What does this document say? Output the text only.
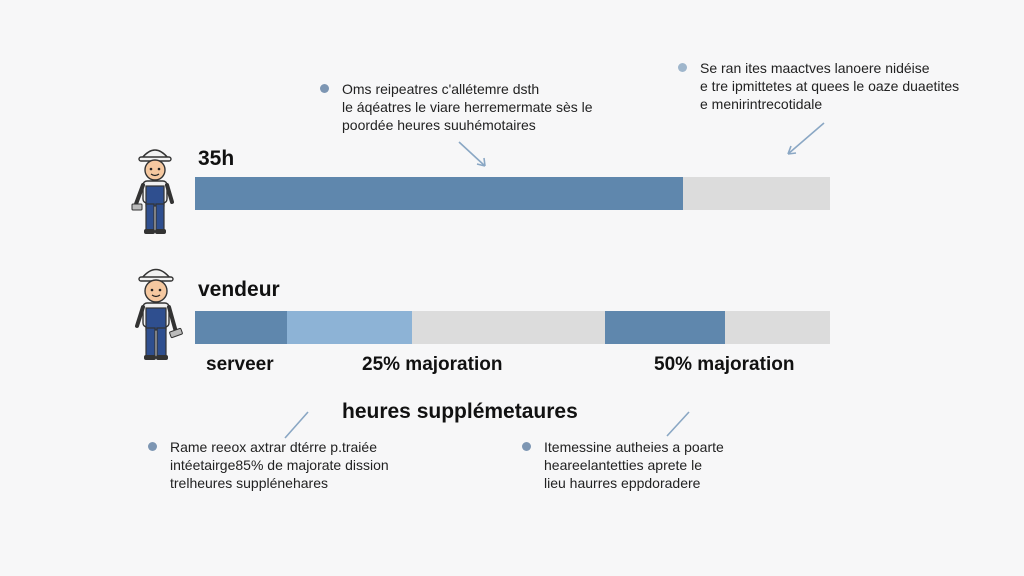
Oms reipeatres c'allétemre dsth
le áqéatres le viare herremermate sès le
poordée heures suuhémotaires
Se ran ites maactves lanoere nidéise
e tre ipmittetes at quees le oaze duaetites
e menirintrecotidale
35h
vendeur
serveer	25% majoration	50% majoration
heures supplémetaures
Rame reeox axtrar dtérre p.traiée
intéetairge85% de majorate dission
trelheures supplénehares
Itemessine autheies a poarte
heareelantetties aprete le
lieu haurres eppdoradere
